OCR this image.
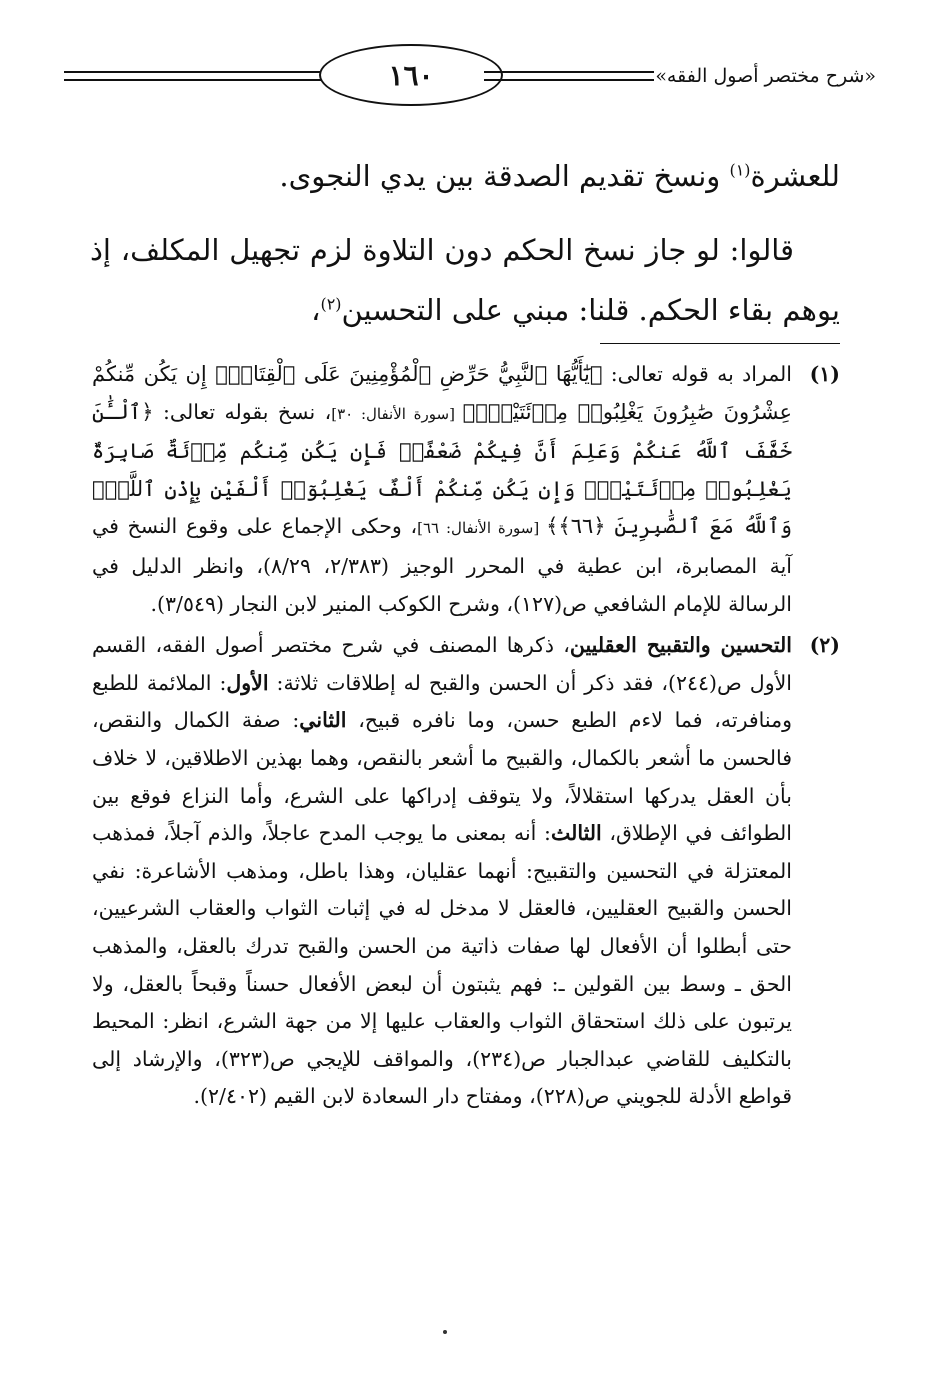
١٦٠	«شرح مختصر أصول الفقه»

للعشرة$^{(١)}$ ونسخ تقديم الصدقة بين يدي النجوى.

قالوا: لو جاز نسخ الحكم دون التلاوة لزم تجهيل المكلف، إذ يوهم بقاء الحكم. قلنا: مبني على التحسين$^{(٢)}$،

(١)
المراد به قوله تعالى: ﴿يَٰٓأَيُّهَا ٱلنَّبِيُّ حَرِّضِ ٱلْمُؤْمِنِينَ عَلَى ٱلْقِتَالِۚ إِن يَكُن مِّنكُمْ عِشْرُونَ صَٰبِرُونَ يَغْلِبُوا۟ مِا۟ئَتَيْنِۚ﴾ [سورة الأنفال: ٣٠]، نسخ بقوله تعالى: ﴿ٱلْـَٰٔنَ خَفَّفَ ٱللَّهُ عَنكُمْ وَعَلِمَ أَنَّ فِيكُمْ ضَعْفًاۚ فَإِن يَكُن مِّنكُم مِّا۟ئَةٌ صَابِرَةٌ يَغْلِبُوا۟ مِا۟ئَتَيْنِۚ وَإِن يَكُن مِّنكُمْ أَلْفٌ يَغْلِبُوٓا۟ أَلْفَيْنِ بِإِذْنِ ٱللَّهِۗ وَٱللَّهُ مَعَ ٱلصَّٰبِرِينَ ﴿٦٦﴾﴾ [سورة الأنفال: ٦٦]، وحكى الإجماع على وقوع النسخ في آية المصابرة، ابن عطية في المحرر الوجيز (٢/٣٨٣، ٨/٢٩)، وانظر الدليل في الرسالة للإمام الشافعي ص(١٢٧)، وشرح الكوكب المنير لابن النجار (٣/٥٤٩).
(٢)
التحسين والتقبيح العقليين، ذكرها المصنف في شرح مختصر أصول الفقه، القسم الأول ص(٢٤٤)، فقد ذكر أن الحسن والقبح له إطلاقات ثلاثة: الأول: الملائمة للطبع ومنافرته، فما لاءم الطبع حسن، وما نافره قبيح، الثاني: صفة الكمال والنقص، فالحسن ما أشعر بالكمال، والقبيح ما أشعر بالنقص، وهما بهذين الاطلاقين، لا خلاف بأن العقل يدركها استقلالاً، ولا يتوقف إدراكها على الشرع، وأما النزاع فوقع بين الطوائف في الإطلاق، الثالث: أنه بمعنى ما يوجب المدح عاجلاً، والذم آجلاً، فمذهب المعتزلة في التحسين والتقبيح: أنهما عقليان، وهذا باطل، ومذهب الأشاعرة: نفي الحسن والقبيح العقليين، فالعقل لا مدخل له في إثبات الثواب والعقاب الشرعيين، حتى أبطلوا أن الأفعال لها صفات ذاتية من الحسن والقبح تدرك بالعقل، والمذهب الحق ـ وسط بين القولين ـ: فهم يثبتون أن لبعض الأفعال حسناً وقبحاً بالعقل، ولا يرتبون على ذلك استحقاق الثواب والعقاب عليها إلا من جهة الشرع، انظر: المحيط بالتكليف للقاضي عبدالجبار ص(٢٣٤)، والمواقف للإيجي ص(٣٢٣)، والإرشاد إلى قواطع الأدلة للجويني ص(٢٢٨)، ومفتاح دار السعادة لابن القيم (٢/٤٠٢).
